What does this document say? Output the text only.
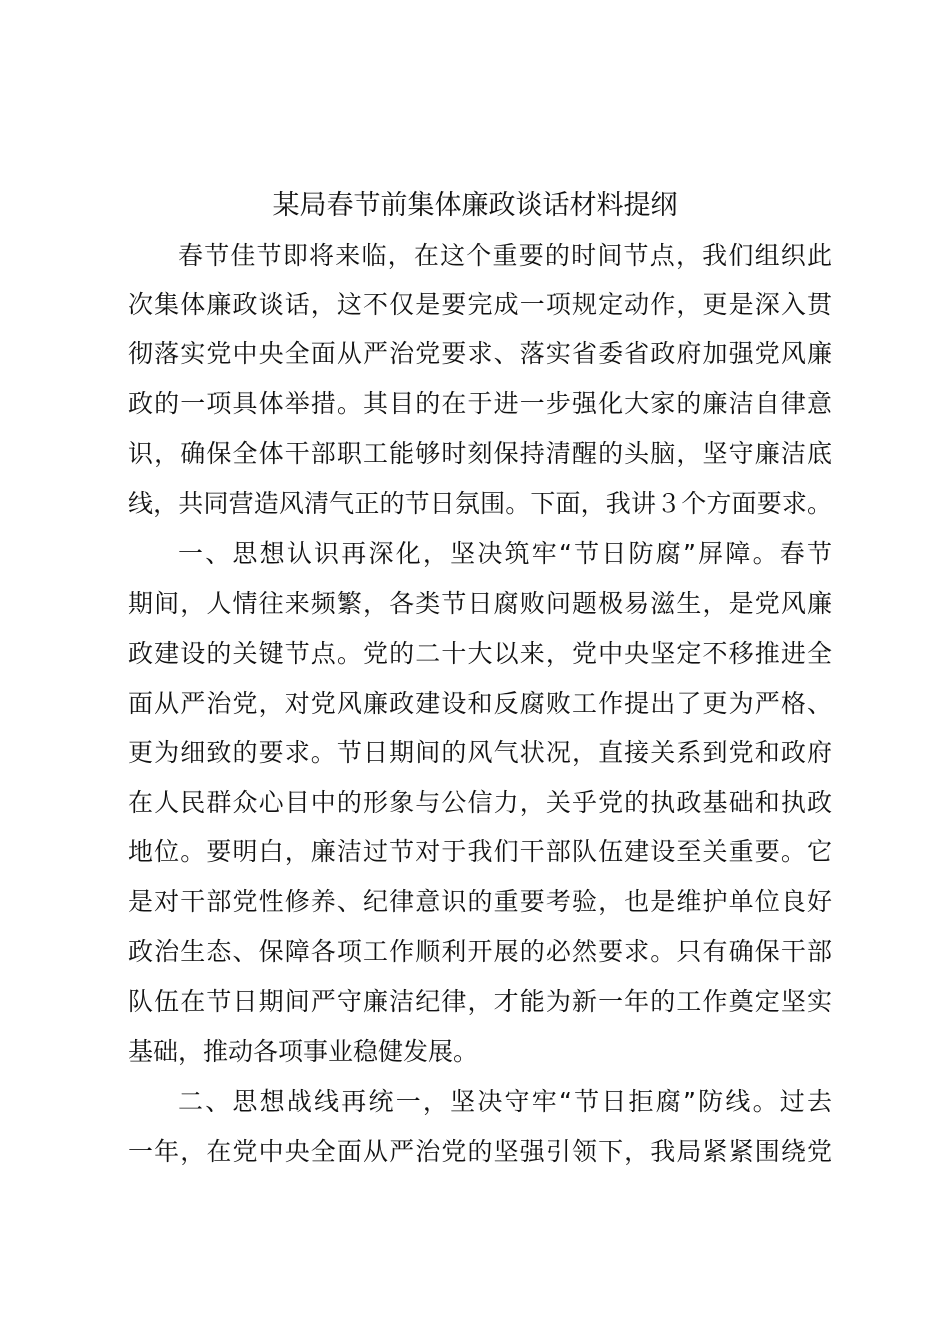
某局春节前集体廉政谈话材料提纲

春节佳节即将来临，在这个重要的时间节点，我们组织此

次集体廉政谈话，这不仅是要完成一项规定动作，更是深入贯

彻落实党中央全面从严治党要求、落实省委省政府加强党风廉

政的一项具体举措。其目的在于进一步强化大家的廉洁自律意

识，确保全体干部职工能够时刻保持清醒的头脑，坚守廉洁底

线，共同营造风清气正的节日氛围。下面，我讲３个方面要求。

一、思想认识再深化，坚决筑牢“节日防腐”屏障。春节

期间，人情往来频繁，各类节日腐败问题极易滋生，是党风廉

政建设的关键节点。党的二十大以来，党中央坚定不移推进全

面从严治党，对党风廉政建设和反腐败工作提出了更为严格、

更为细致的要求。节日期间的风气状况，直接关系到党和政府

在人民群众心目中的形象与公信力，关乎党的执政基础和执政

地位。要明白，廉洁过节对于我们干部队伍建设至关重要。它

是对干部党性修养、纪律意识的重要考验，也是维护单位良好

政治生态、保障各项工作顺利开展的必然要求。只有确保干部

队伍在节日期间严守廉洁纪律，才能为新一年的工作奠定坚实

基础，推动各项事业稳健发展。

二、思想战线再统一，坚决守牢“节日拒腐”防线。过去

一年，在党中央全面从严治党的坚强引领下，我局紧紧围绕党
